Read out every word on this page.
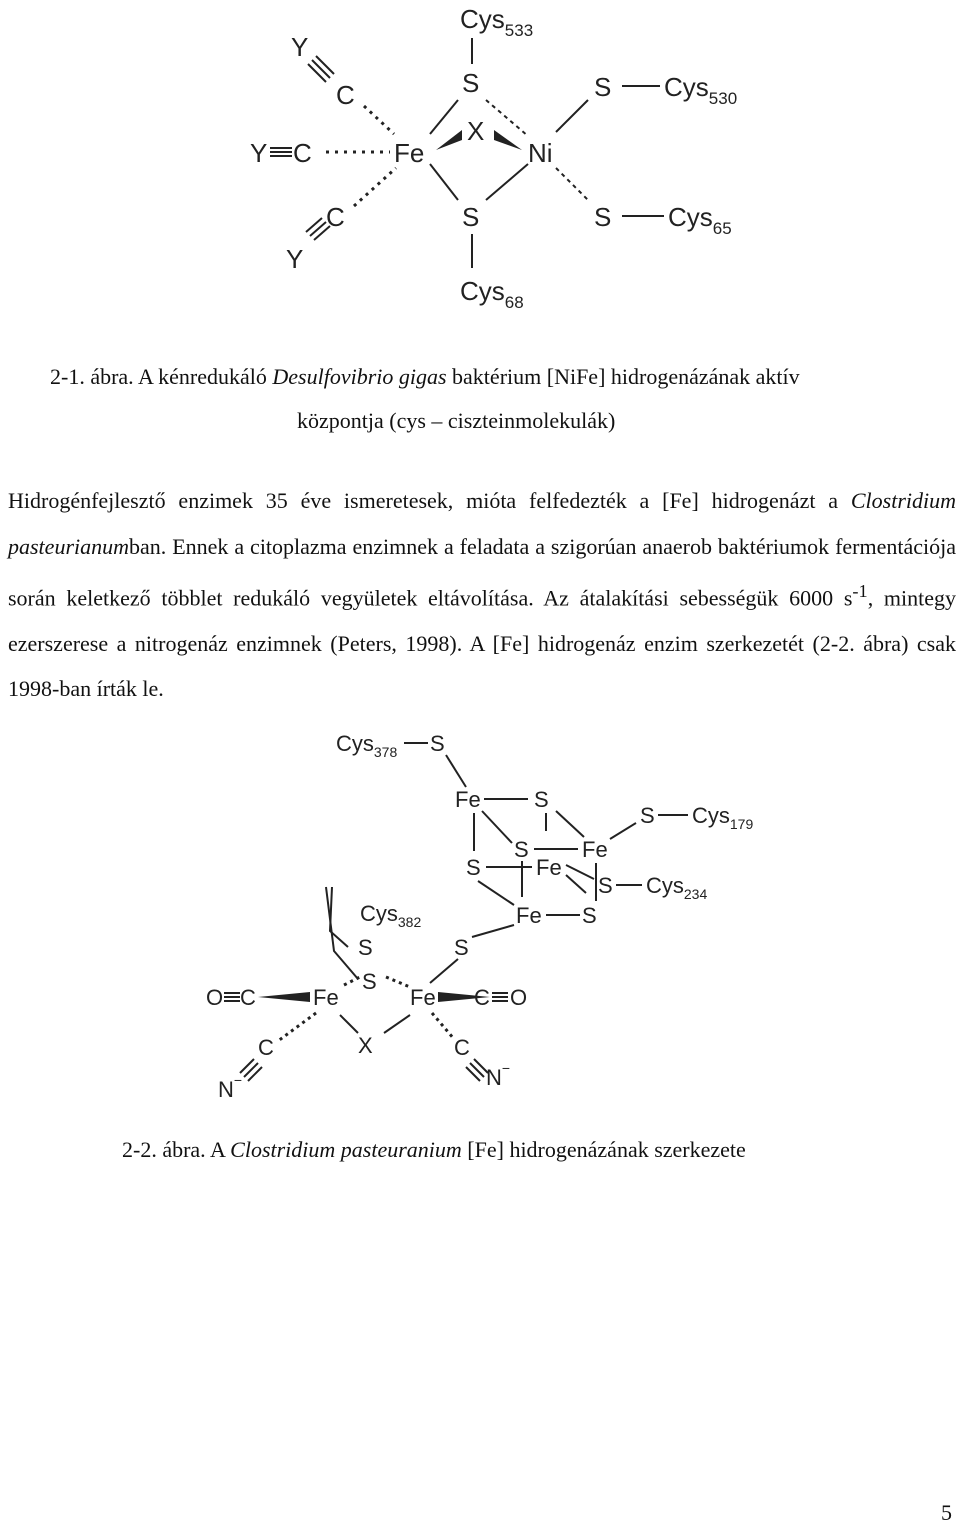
Cys$_{533}$
S	S Cys$_{530}$
S Cys$_{65}$
S
Cys$_{68}$
Fe
X
Ni
Y
C
Y C
C
Y
2-1. ábra. A kénredukáló Desulfovibrio gigas baktérium [NiFe] hidrogenázának aktív
központja (cys – ciszteinmolekulák)

Hidrogénfejlesztő enzimek 35 éve ismeretesek, mióta felfedezték a [Fe] hidrogenázt a Clostridium pasteurianumban. Ennek a citoplazma enzimnek a feladata a szigorúan anaerob baktériumok fermentációja során keletkező többlet redukáló vegyületek eltávolítása. Az átalakítási sebességük 6000 $s^{-1}$, mintegy ezerszerese a nitrogenáz enzimnek (Peters, 1998). A [Fe] hidrogenáz enzim szerkezetét (2-2. ábra) csak 1998-ban írták le.

Cys$_{378}$ S
Fe S
S Cys$_{179}$
S Fe
S	Fe
S Cys$_{234}$
Fe S
S
Cys$_{382}$
S
S
Fe	Fe
X
O C	C O
C
N−
C
N−
2-2. ábra. A Clostridium pasteuranium [Fe] hidrogenázának szerkezete
5
